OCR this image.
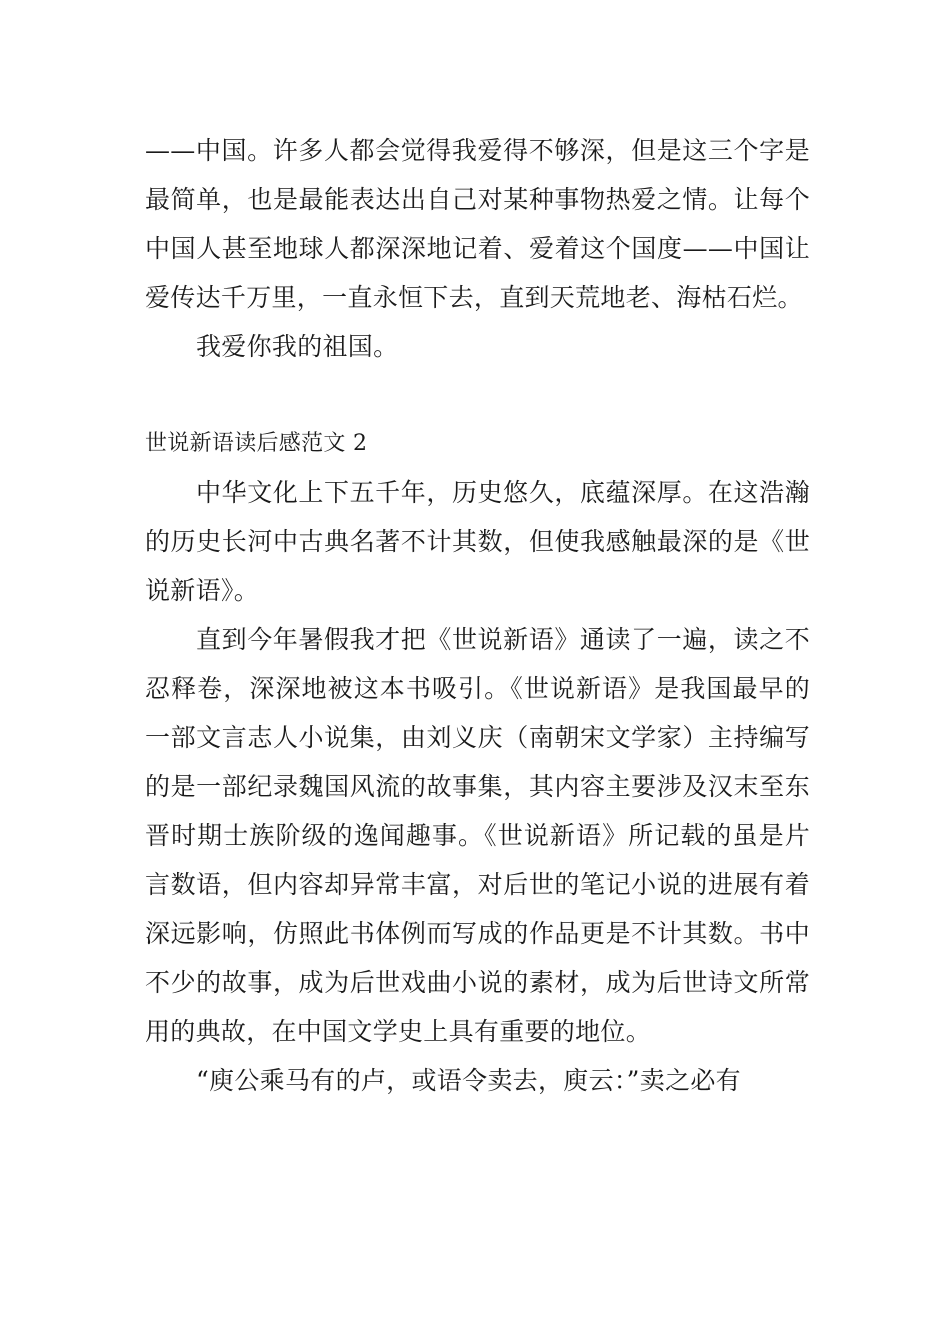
——中国。许多人都会觉得我爱得不够深，但是这三个字是最简单，也是最能表达出自己对某种事物热爱之情。让每个中国人甚至地球人都深深地记着、爱着这个国度——中国让爱传达千万里，一直永恒下去，直到天荒地老、海枯石烂。

我爱你我的祖国。

世说新语读后感范文 2

中华文化上下五千年，历史悠久，底蕴深厚。在这浩瀚的历史长河中古典名著不计其数，但使我感触最深的是《世说新语》。

直到今年暑假我才把《世说新语》通读了一遍，读之不忍释卷，深深地被这本书吸引。《世说新语》是我国最早的一部文言志人小说集，由刘义庆（南朝宋文学家）主持编写的是一部纪录魏国风流的故事集，其内容主要涉及汉末至东晋时期士族阶级的逸闻趣事。《世说新语》所记载的虽是片言数语，但内容却异常丰富，对后世的笔记小说的进展有着深远影响，仿照此书体例而写成的作品更是不计其数。书中不少的故事，成为后世戏曲小说的素材，成为后世诗文所常用的典故，在中国文学史上具有重要的地位。

“庾公乘马有的卢，或语令卖去，庾云：”卖之必有
